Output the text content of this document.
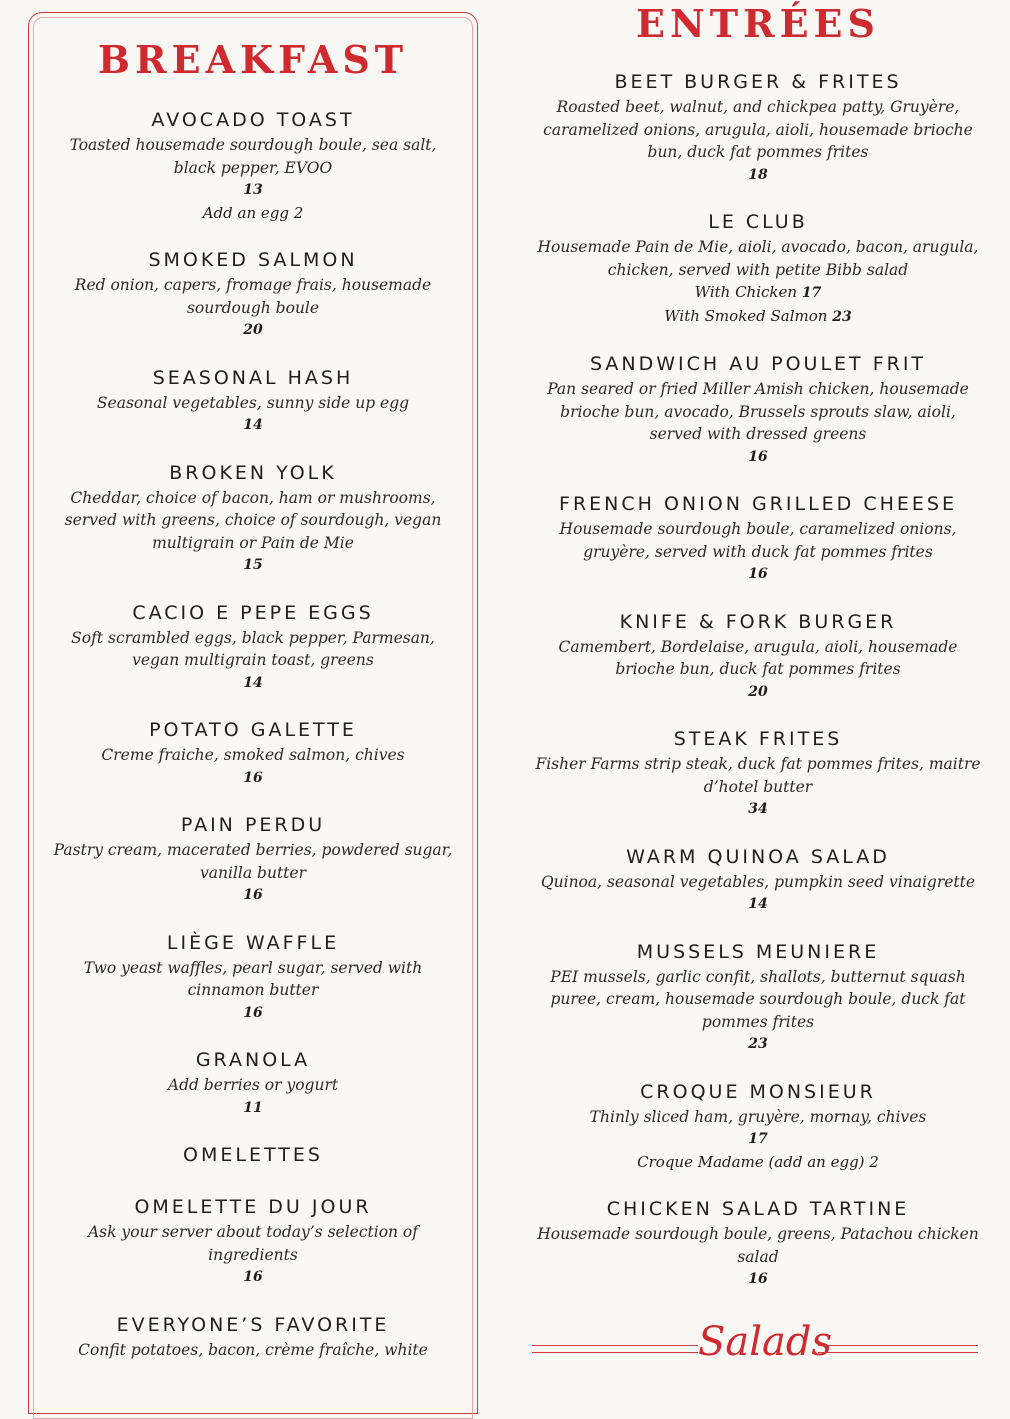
BREAKFAST
AVOCADO TOAST
Toasted housemade sourdough boule, sea salt, black pepper, EVOO
13
Add an egg 2
SMOKED SALMON
Red onion, capers, fromage frais, housemade sourdough boule
20
SEASONAL HASH
Seasonal vegetables, sunny side up egg
14
BROKEN YOLK
Cheddar, choice of bacon, ham or mushrooms, served with greens, choice of sourdough, vegan multigrain or Pain de Mie
15
CACIO E PEPE EGGS
Soft scrambled eggs, black pepper, Parmesan, vegan multigrain toast, greens
14
POTATO GALETTE
Creme fraiche, smoked salmon, chives
16
PAIN PERDU
Pastry cream, macerated berries, powdered sugar, vanilla butter
16
LIÈGE WAFFLE
Two yeast waffles, pearl sugar, served with cinnamon butter
16
GRANOLA
Add berries or yogurt
11
OMELETTES
OMELETTE DU JOUR
Ask your server about today’s selection of ingredients
16
EVERYONE’S FAVORITE
Confit potatoes, bacon, crème fraîche, white
ENTRÉES
BEET BURGER & FRITES
Roasted beet, walnut, and chickpea patty, Gruyère, caramelized onions, arugula, aioli, housemade brioche bun, duck fat pommes frites
18
LE CLUB
Housemade Pain de Mie, aioli, avocado, bacon, arugula, chicken, served with petite Bibb salad
With Chicken 17
With Smoked Salmon 23
SANDWICH AU POULET FRIT
Pan seared or fried Miller Amish chicken, housemade brioche bun, avocado, Brussels sprouts slaw, aioli, served with dressed greens
16
FRENCH ONION GRILLED CHEESE
Housemade sourdough boule, caramelized onions, gruyère, served with duck fat pommes frites
16
KNIFE & FORK BURGER
Camembert, Bordelaise, arugula, aioli, housemade brioche bun, duck fat pommes frites
20
STEAK FRITES
Fisher Farms strip steak, duck fat pommes frites, maitre d’hotel butter
34
WARM QUINOA SALAD
Quinoa, seasonal vegetables, pumpkin seed vinaigrette
14
MUSSELS MEUNIERE
PEI mussels, garlic confit, shallots, butternut squash puree, cream, housemade sourdough boule, duck fat pommes frites
23
CROQUE MONSIEUR
Thinly sliced ham, gruyère, mornay, chives
17
Croque Madame (add an egg) 2
CHICKEN SALAD TARTINE
Housemade sourdough boule, greens, Patachou chicken salad
16
Salads
